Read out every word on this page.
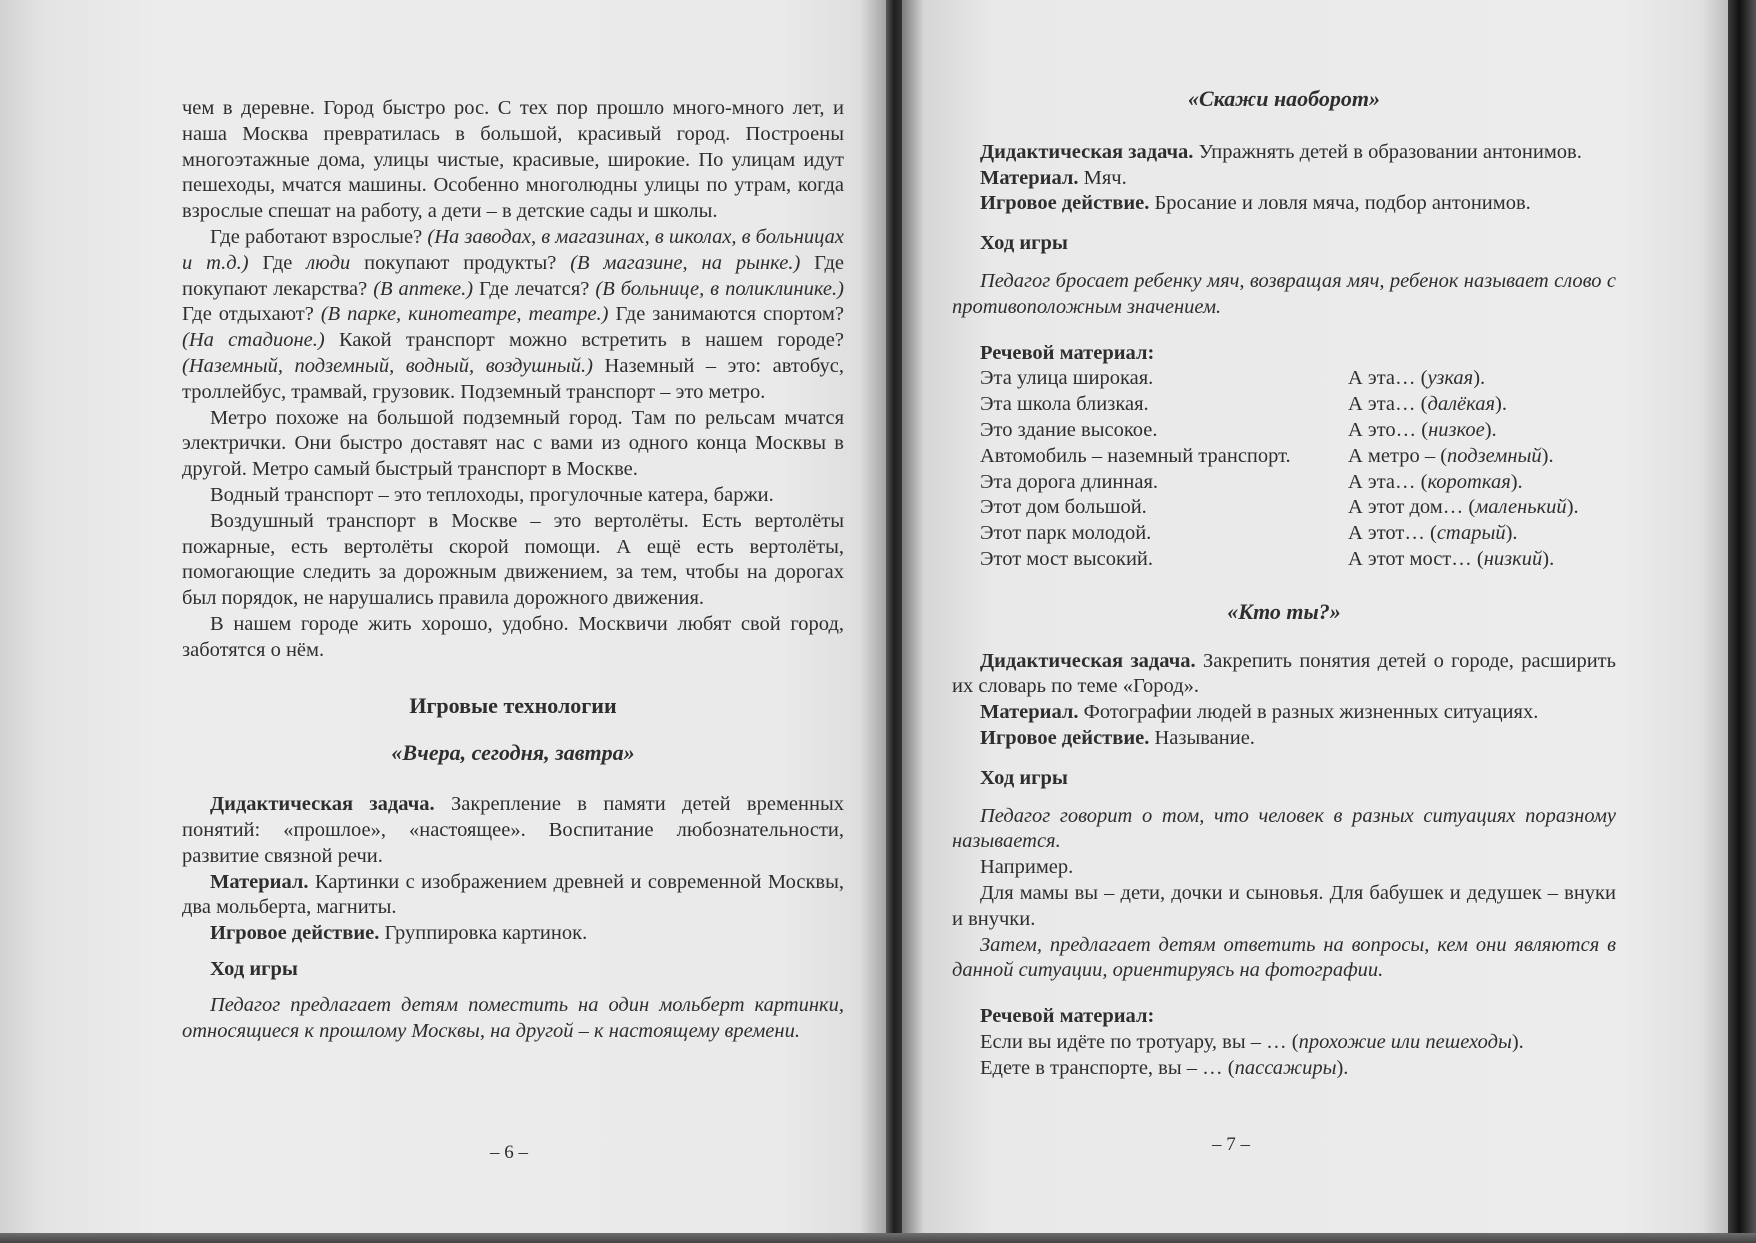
чем в деревне. Город быстро рос. С тех пор прошло много-много лет, и наша Москва превратилась в большой, красивый город. Построены многоэтажные дома, улицы чистые, красивые, широкие. По улицам идут пешеходы, мчатся машины. Особенно многолюдны улицы по утрам, когда взрослые спешат на работу, а дети – в детские сады и школы.

Где работают взрослые? (На заводах, в магазинах, в школах, в больницах и т.д.) Где люди покупают продукты? (В магазине, на рынке.) Где покупают лекарства? (В аптеке.) Где лечатся? (В больнице, в поликлинике.) Где отдыхают? (В парке, кинотеатре, театре.) Где занимаются спортом? (На стадионе.) Какой транспорт можно встретить в нашем городе? (Наземный, подземный, водный, воздушный.) Наземный – это: автобус, троллейбус, трамвай, грузовик. Подземный транспорт – это метро.

Метро похоже на большой подземный город. Там по рельсам мчатся электрички. Они быстро доставят нас с вами из одного конца Москвы в другой. Метро самый быстрый транспорт в Москве.

Водный транспорт – это теплоходы, прогулочные катера, баржи.

Воздушный транспорт в Москве – это вертолёты. Есть вертолёты пожарные, есть вертолёты скорой помощи. А ещё есть вертолёты, помогающие следить за дорожным движением, за тем, чтобы на дорогах был порядок, не нарушались правила дорожного движения.

В нашем городе жить хорошо, удобно. Москвичи любят свой город, заботятся о нём.

Игровые технологии
«Вчера, сегодня, завтра»

Дидактическая задача. Закрепление в памяти детей временных понятий: «прошлое», «настоящее». Воспитание любознательности, развитие связной речи.

Материал. Картинки с изображением древней и современной Москвы, два мольберта, магниты.

Игровое действие. Группировка картинок.

Ход игры

Педагог предлагает детям поместить на один мольберт картинки, относящиеся к прошлому Москвы, на другой – к настоящему времени.

– 6 –
«Скажи наоборот»

Дидактическая задача. Упражнять детей в образовании антонимов.

Материал. Мяч.

Игровое действие. Бросание и ловля мяча, подбор антонимов.

Ход игры

Педагог бросает ребенку мяч, возвращая мяч, ребенок называет слово с противоположным значением.

Речевой материал:
Эта улица широкая.	А эта… (узкая).
Эта школа близкая.	А эта… (далёкая).
Это здание высокое.	А это… (низкое).
Автомобиль – наземный транспорт.	А метро – (подземный).
Эта дорога длинная.	А эта… (короткая).
Этот дом большой.	А этот дом… (маленький).
Этот парк молодой.	А этот… (старый).
Этот мост высокий.	А этот мост… (низкий).
«Кто ты?»

Дидактическая задача. Закрепить понятия детей о городе, расширить их словарь по теме «Город».

Материал. Фотографии людей в разных жизненных ситуациях.

Игровое действие. Называние.

Ход игры

Педагог говорит о том, что человек в разных ситуациях поразному называется.

Например.

Для мамы вы – дети, дочки и сыновья. Для бабушек и дедушек – внуки и внучки.

Затем, предлагает детям ответить на вопросы, кем они являются в данной ситуации, ориентируясь на фотографии.

Речевой материал:

Если вы идёте по тротуару, вы – … (прохожие или пешеходы).

Едете в транспорте, вы – … (пассажиры).

– 7 –
